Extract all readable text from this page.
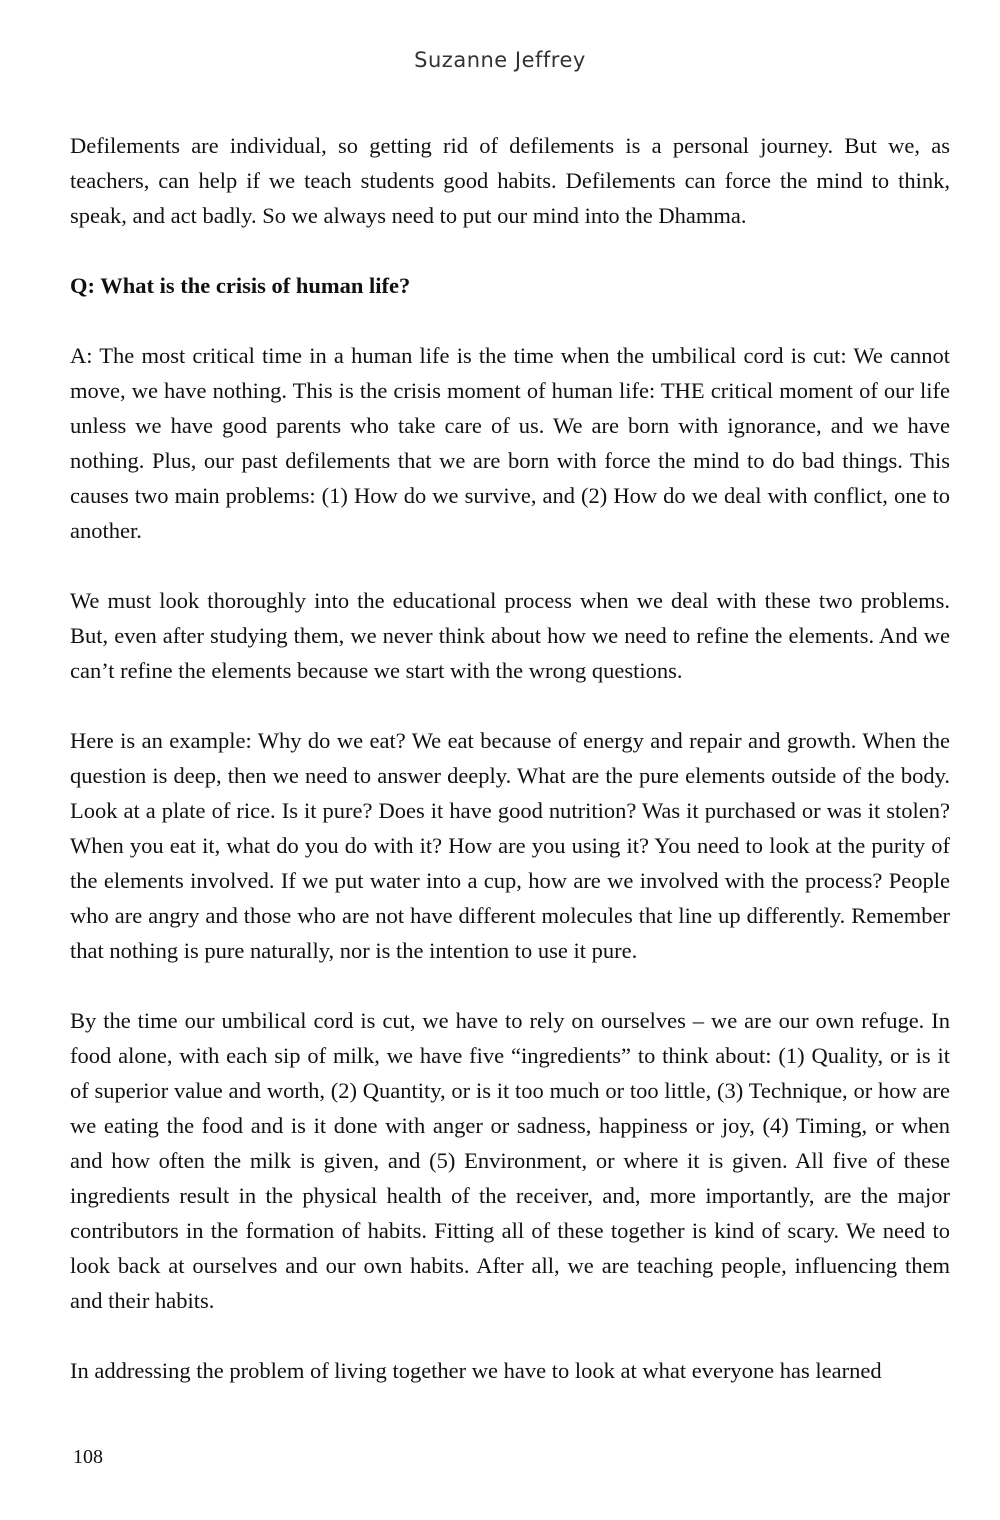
Suzanne Jeffrey

Defilements are individual, so getting rid of defilements is a personal journey. But we, as teachers, can help if we teach students good habits. Defilements can force the mind to think, speak, and act badly. So we always need to put our mind into the Dhamma.

Q: What is the crisis of human life?

A: The most critical time in a human life is the time when the umbilical cord is cut: We cannot move, we have nothing. This is the crisis moment of human life: THE critical moment of our life unless we have good parents who take care of us. We are born with ignorance, and we have nothing. Plus, our past defilements that we are born with force the mind to do bad things. This causes two main problems: (1) How do we survive, and (2) How do we deal with conflict, one to another.

We must look thoroughly into the educational process when we deal with these two problems. But, even after studying them, we never think about how we need to refine the elements. And we can’t refine the elements because we start with the wrong questions.

Here is an example: Why do we eat? We eat because of energy and repair and growth. When the question is deep, then we need to answer deeply. What are the pure elements outside of the body. Look at a plate of rice. Is it pure? Does it have good nutrition? Was it purchased or was it stolen? When you eat it, what do you do with it? How are you using it? You need to look at the purity of the elements involved. If we put water into a cup, how are we involved with the process? People who are angry and those who are not have different molecules that line up differently. Remember that nothing is pure naturally, nor is the intention to use it pure.

By the time our umbilical cord is cut, we have to rely on ourselves – we are our own refuge. In food alone, with each sip of milk, we have five “ingredients” to think about: (1) Quality, or is it of superior value and worth, (2) Quantity, or is it too much or too little, (3) Technique, or how are we eating the food and is it done with anger or sadness, happiness or joy, (4) Timing, or when and how often the milk is given, and (5) Environment, or where it is given. All five of these ingredients result in the physical health of the receiver, and, more importantly, are the major contributors in the formation of habits. Fitting all of these together is kind of scary. We need to look back at ourselves and our own habits. After all, we are teaching people, influencing them and their habits.

In addressing the problem of living together we have to look at what everyone has learned

108
